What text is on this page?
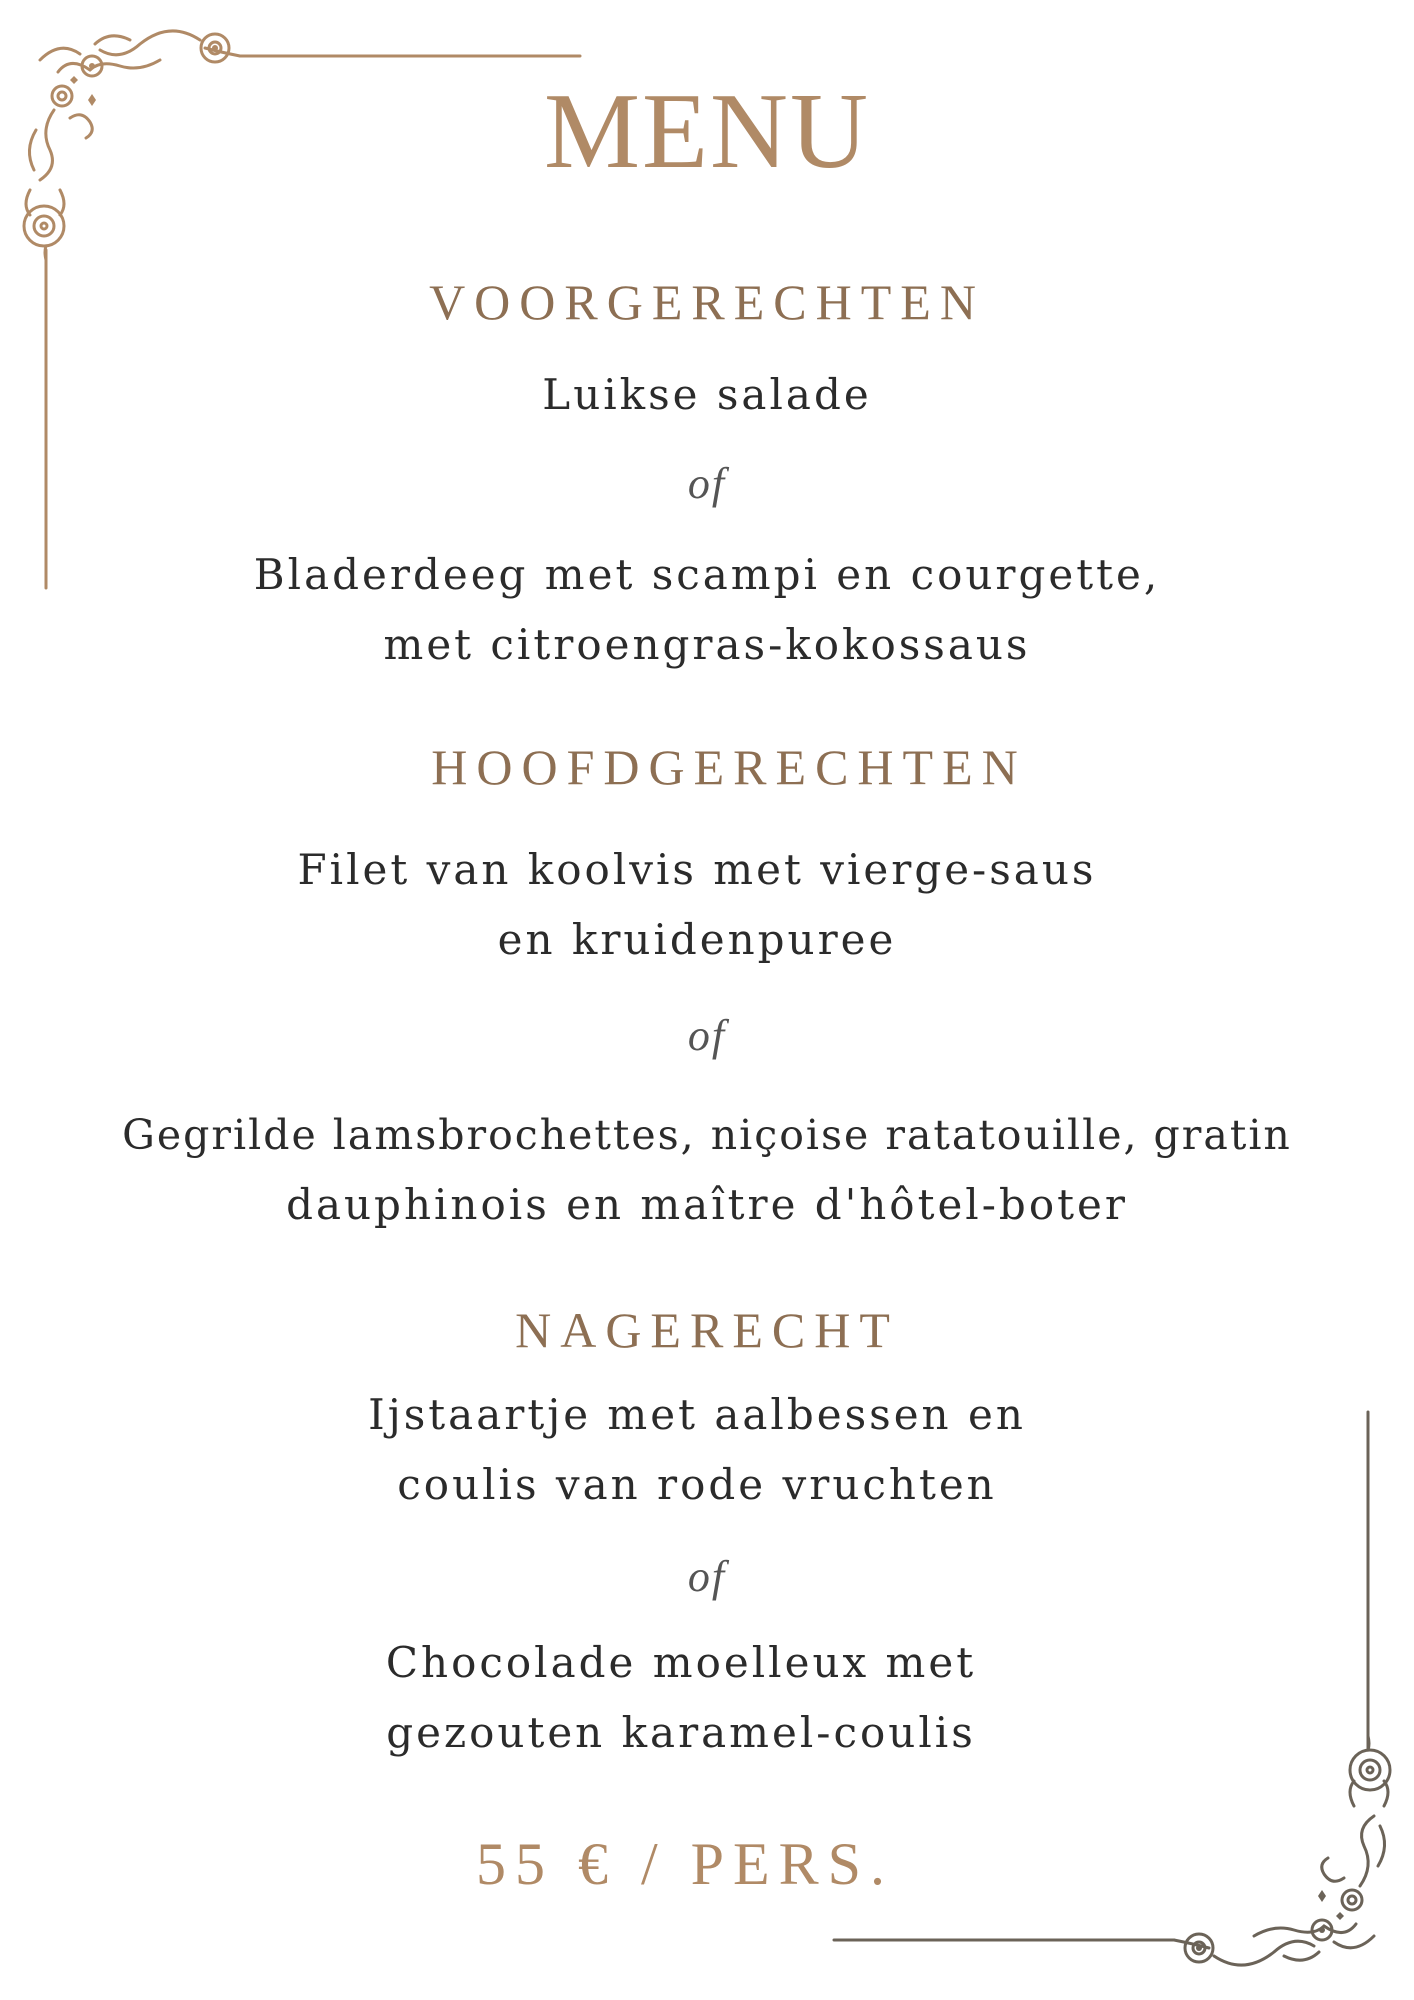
MENU
VOORGERECHTEN
Luikse salade
of
Bladerdeeg met scampi en courgette,
met citroengras-kokossaus
HOOFDGERECHTEN
Filet van koolvis met vierge-saus
en kruidenpuree
of
Gegrilde lamsbrochettes, niçoise ratatouille, gratin
dauphinois en maître d'hôtel-boter
NAGERECHT
Ijstaartje met aalbessen en
coulis van rode vruchten
of
Chocolade moelleux met
gezouten karamel-coulis
55 € / PERS.
